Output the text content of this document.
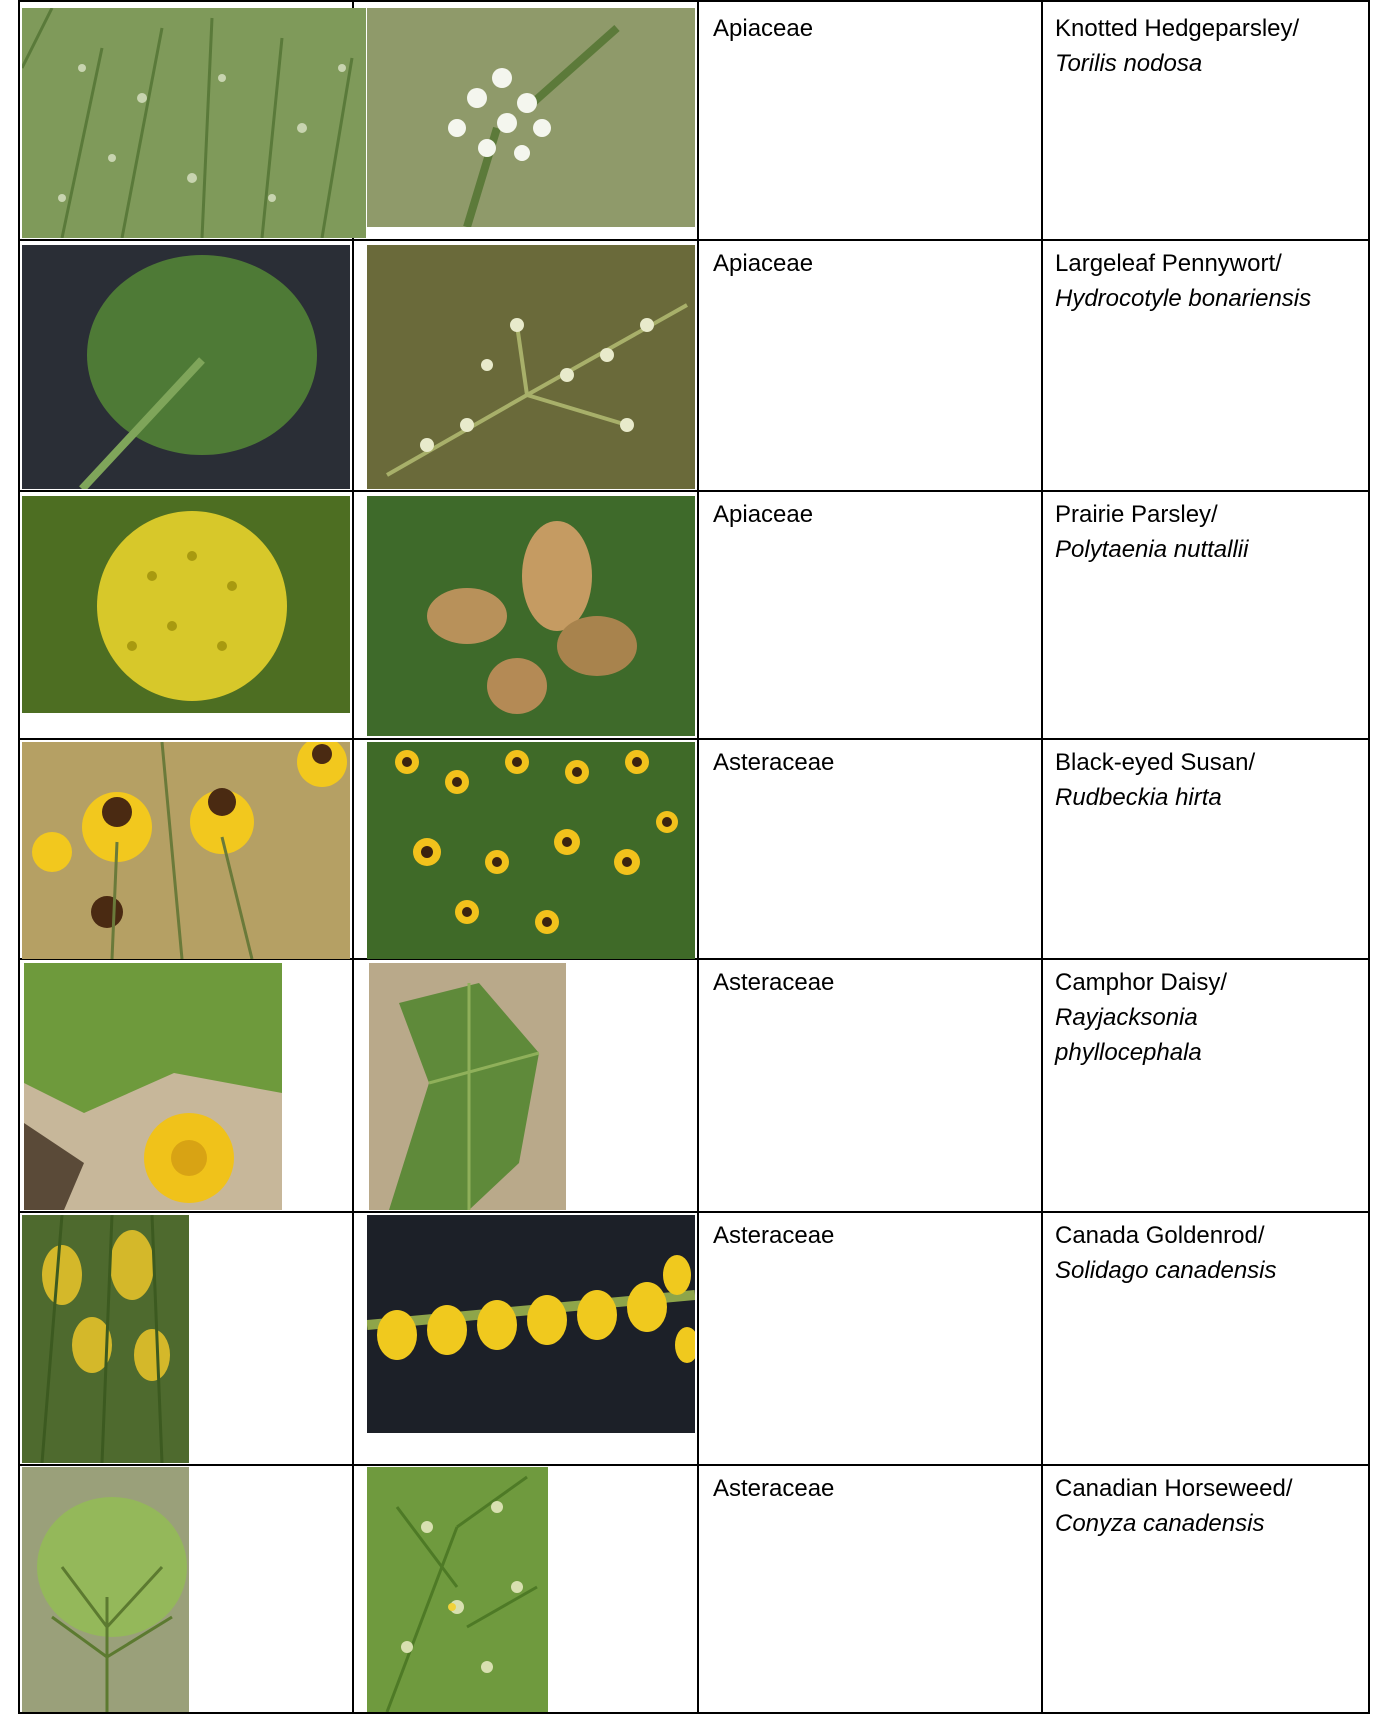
Apiaceae	Knotted Hedgeparsley/
Torilis nodosa
Apiaceae	Largeleaf Pennywort/
Hydrocotyle bonariensis
Apiaceae	Prairie Parsley/
Polytaenia nuttallii
Asteraceae	Black-eyed Susan/
Rudbeckia hirta
Asteraceae	Camphor Daisy/
Rayjacksonia phyllocephala
Asteraceae	Canada Goldenrod/
Solidago canadensis
Asteraceae	Canadian Horseweed/
Conyza canadensis
